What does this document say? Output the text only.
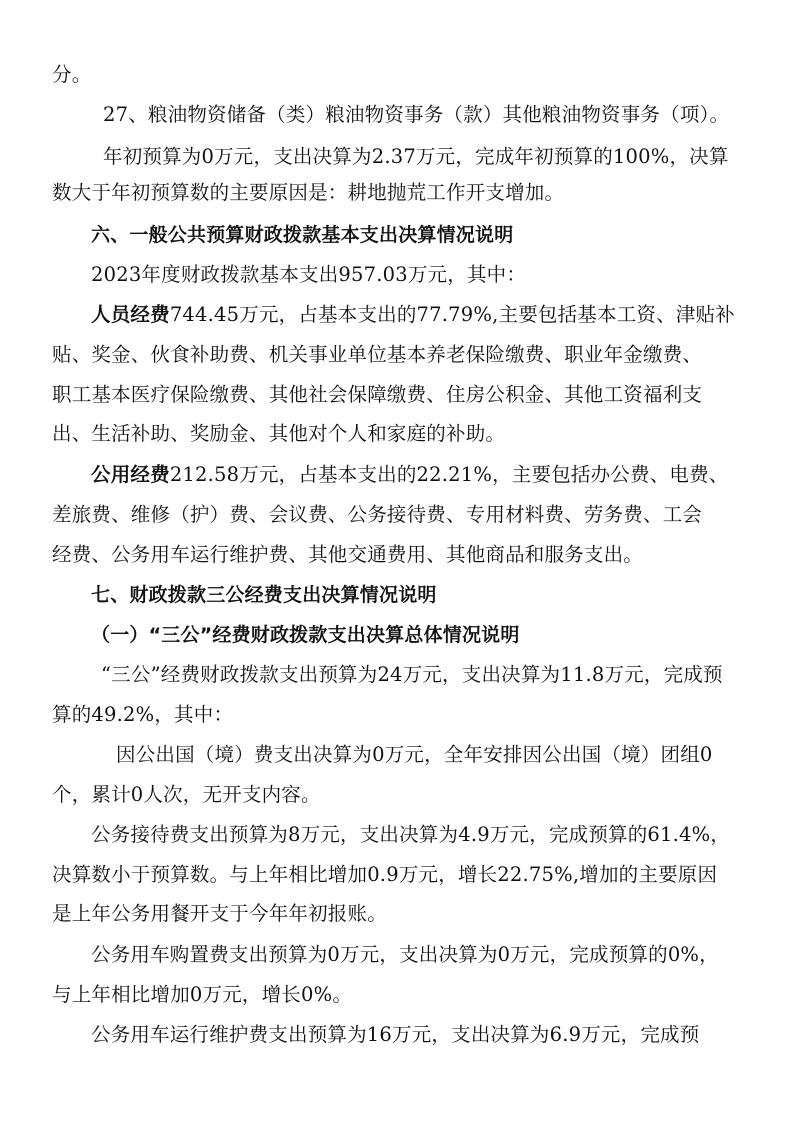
分。
27、粮油物资储备（类）粮油物资事务（款）其他粮油物资事务（项）。
年初预算为0万元，支出决算为2.37万元，完成年初预算的100%，决算
数大于年初预算数的主要原因是：耕地抛荒工作开支增加。
六、一般公共预算财政拨款基本支出决算情况说明
2023年度财政拨款基本支出957.03万元，其中：
人员经费744.45万元，占基本支出的77.79%,主要包括基本工资、津贴补
贴、奖金、伙食补助费、机关事业单位基本养老保险缴费、职业年金缴费、
职工基本医疗保险缴费、其他社会保障缴费、住房公积金、其他工资福利支
出、生活补助、奖励金、其他对个人和家庭的补助。
公用经费212.58万元，占基本支出的22.21%，主要包括办公费、电费、
差旅费、维修（护）费、会议费、公务接待费、专用材料费、劳务费、工会
经费、公务用车运行维护费、其他交通费用、其他商品和服务支出。
七、财政拨款三公经费支出决算情况说明
（一）“三公”经费财政拨款支出决算总体情况说明
“三公”经费财政拨款支出预算为24万元，支出决算为11.8万元，完成预
算的49.2%，其中：
因公出国（境）费支出决算为0万元，全年安排因公出国（境）团组0
个，累计0人次，无开支内容。
公务接待费支出预算为8万元，支出决算为4.9万元，完成预算的61.4%，
决算数小于预算数。与上年相比增加0.9万元，增长22.75%,增加的主要原因
是上年公务用餐开支于今年年初报账。
公务用车购置费支出预算为0万元，支出决算为0万元，完成预算的0%，
与上年相比增加0万元，增长0%。
公务用车运行维护费支出预算为16万元，支出决算为6.9万元，完成预
